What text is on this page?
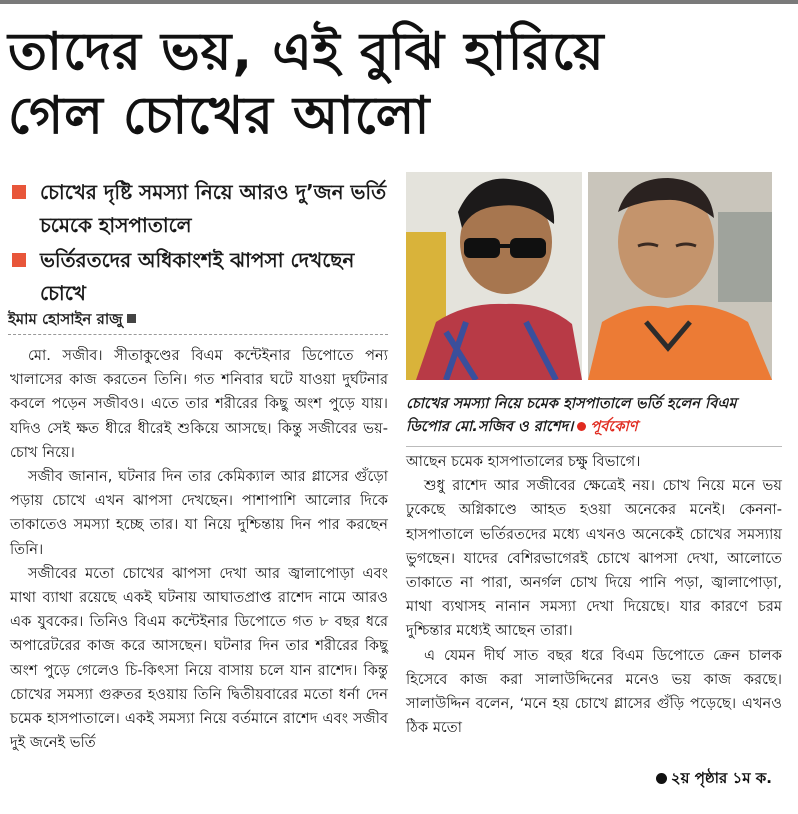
তাদের ভয়, এই বুঝি হারিয়ে
গেল চোখের আলো
চোখের দৃষ্টি সমস্যা নিয়ে আরও দু’জন ভর্তি চমেকে হাসপাতালে
ভর্তিরতদের অধিকাংশই ঝাপসা দেখছেন চোখে
ইমাম হোসাইন রাজু

মো. সজীব। সীতাকুণ্ডের বিএম কন্টেইনার ডিপোতে পন্য খালাসের কাজ করতেন তিনি। গত শনিবার ঘটে যাওয়া দুর্ঘটনার কবলে পড়েন সজীবও। এতে তার শরীরের কিছু অংশ পুড়ে যায়। যদিও সেই ক্ষত ধীরে ধীরেই শুকিয়ে আসছে। কিন্তু সজীবের ভয়-চোখ নিয়ে।

সজীব জানান, ঘটনার দিন তার কেমিক্যাল আর গ্লাসের গুঁড়ো পড়ায় চোখে এখন ঝাপসা দেখছেন। পাশাপাশি আলোর দিকে তাকাতেও সমস্যা হচ্ছে তার। যা নিয়ে দুশ্চিন্তায় দিন পার করছেন তিনি।

সজীবের মতো চোখের ঝাপসা দেখা আর জ্বালাপোড়া এবং মাথা ব্যাথা রয়েছে একই ঘটনায় আঘাতপ্রাপ্ত রাশেদ নামে আরও এক যুবকের। তিনিও বিএম কন্টেইনার ডিপোতে গত ৮ বছর ধরে অপারেটরের কাজ করে আসছেন। ঘটনার দিন তার শরীরের কিছু অংশ পুড়ে গেলেও চি-কিৎসা নিয়ে বাসায় চলে যান রাশেদ। কিন্তু চোখের সমস্যা গুরুতর হওয়ায় তিনি দ্বিতীয়বারের মতো ধর্না দেন চমেক হাসপাতালে। একই সমস্যা নিয়ে বর্তমানে রাশেদ এবং সজীব দুই জনেই ভর্তি

চোখের সমস্যা নিয়ে চমেক হাসপাতালে ভর্তি হলেন বিএম ডিপোর মো.সজিব ও রাশেদ। পূর্বকোণ

আছেন চমেক হাসপাতালের চক্ষু বিভাগে।

শুধু রাশেদ আর সজীবের ক্ষেত্রেই নয়। চোখ নিয়ে মনে ভয় ঢুকেছে অগ্নিকাণ্ডে আহত হওয়া অনেকের মনেই। কেননা- হাসপাতালে ভর্তিরতদের মধ্যে এখনও অনেকেই চোখের সমস্যায় ভুগছেন। যাদের বেশিরভাগেরই চোখে ঝাপসা দেখা, আলোতে তাকাতে না পারা, অনর্গল চোখ দিয়ে পানি পড়া, জ্বালাপোড়া, মাথা ব্যথাসহ নানান সমস্যা দেখা দিয়েছে। যার কারণে চরম দুশ্চিন্তার মধ্যেই আছেন তারা।

এ যেমন দীর্ঘ সাত বছর ধরে বিএম ডিপোতে ক্রেন চালক হিসেবে কাজ করা সালাউদ্দিনের মনেও ভয় কাজ করছে। সালাউদ্দিন বলেন, ‘মনে হয় চোখে গ্লাসের গুঁড়ি পড়েছে। এখনও ঠিক মতো

২য় পৃষ্ঠার ১ম ক.
